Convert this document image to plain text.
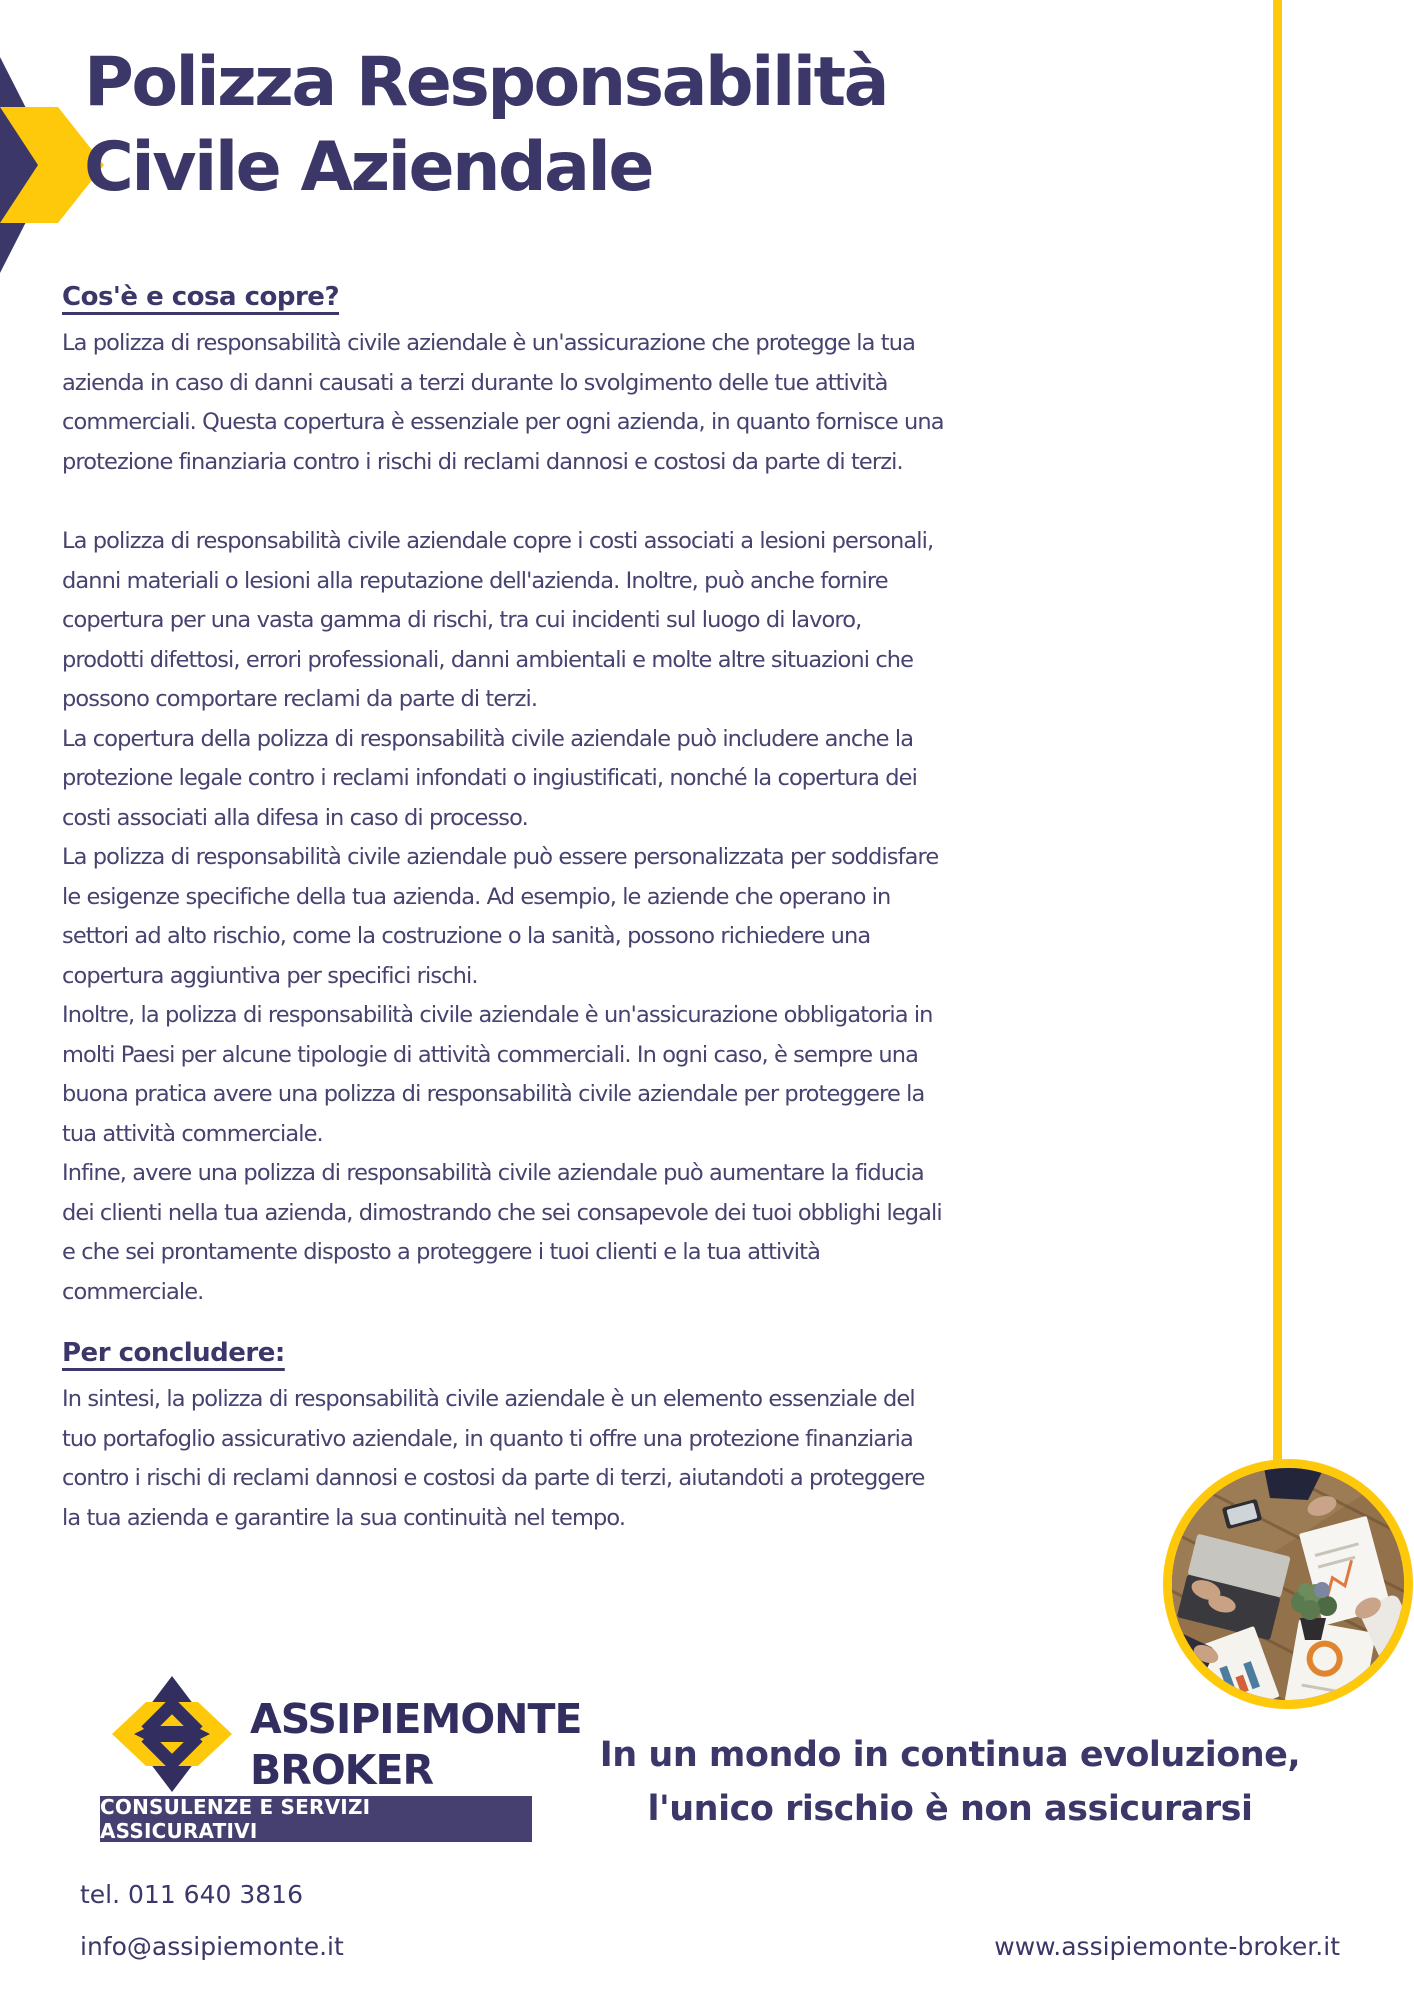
Polizza Responsabilità
Civile Aziendale
Cos'è e cosa copre?

La polizza di responsabilità civile aziendale è un'assicurazione che protegge la tua azienda in caso di danni causati a terzi durante lo svolgimento delle tue attività commerciali. Questa copertura è essenziale per ogni azienda, in quanto fornisce una protezione finanziaria contro i rischi di reclami dannosi e costosi da parte di terzi.

La polizza di responsabilità civile aziendale copre i costi associati a lesioni personali, danni materiali o lesioni alla reputazione dell'azienda. Inoltre, può anche fornire copertura per una vasta gamma di rischi, tra cui incidenti sul luogo di lavoro, prodotti difettosi, errori professionali, danni ambientali e molte altre situazioni che possono comportare reclami da parte di terzi.

La copertura della polizza di responsabilità civile aziendale può includere anche la protezione legale contro i reclami infondati o ingiustificati, nonché la copertura dei costi associati alla difesa in caso di processo.

La polizza di responsabilità civile aziendale può essere personalizzata per soddisfare le esigenze specifiche della tua azienda. Ad esempio, le aziende che operano in settori ad alto rischio, come la costruzione o la sanità, possono richiedere una copertura aggiuntiva per specifici rischi.

Inoltre, la polizza di responsabilità civile aziendale è un'assicurazione obbligatoria in molti Paesi per alcune tipologie di attività commerciali. In ogni caso, è sempre una buona pratica avere una polizza di responsabilità civile aziendale per proteggere la tua attività commerciale.

Infine, avere una polizza di responsabilità civile aziendale può aumentare la fiducia dei clienti nella tua azienda, dimostrando che sei consapevole dei tuoi obblighi legali e che sei prontamente disposto a proteggere i tuoi clienti e la tua attività commerciale.

Per concludere:

In sintesi, la polizza di responsabilità civile aziendale è un elemento essenziale del tuo portafoglio assicurativo aziendale, in quanto ti offre una protezione finanziaria contro i rischi di reclami dannosi e costosi da parte di terzi, aiutandoti a proteggere la tua azienda e garantire la sua continuità nel tempo.

ASSIPIEMONTE
BROKER
CONSULENZE E SERVIZI ASSICURATIVI
In un mondo in continua evoluzione,
l'unico rischio è non assicurarsi
tel. 011 640 3816
info@assipiemonte.it	www.assipiemonte-broker.it
